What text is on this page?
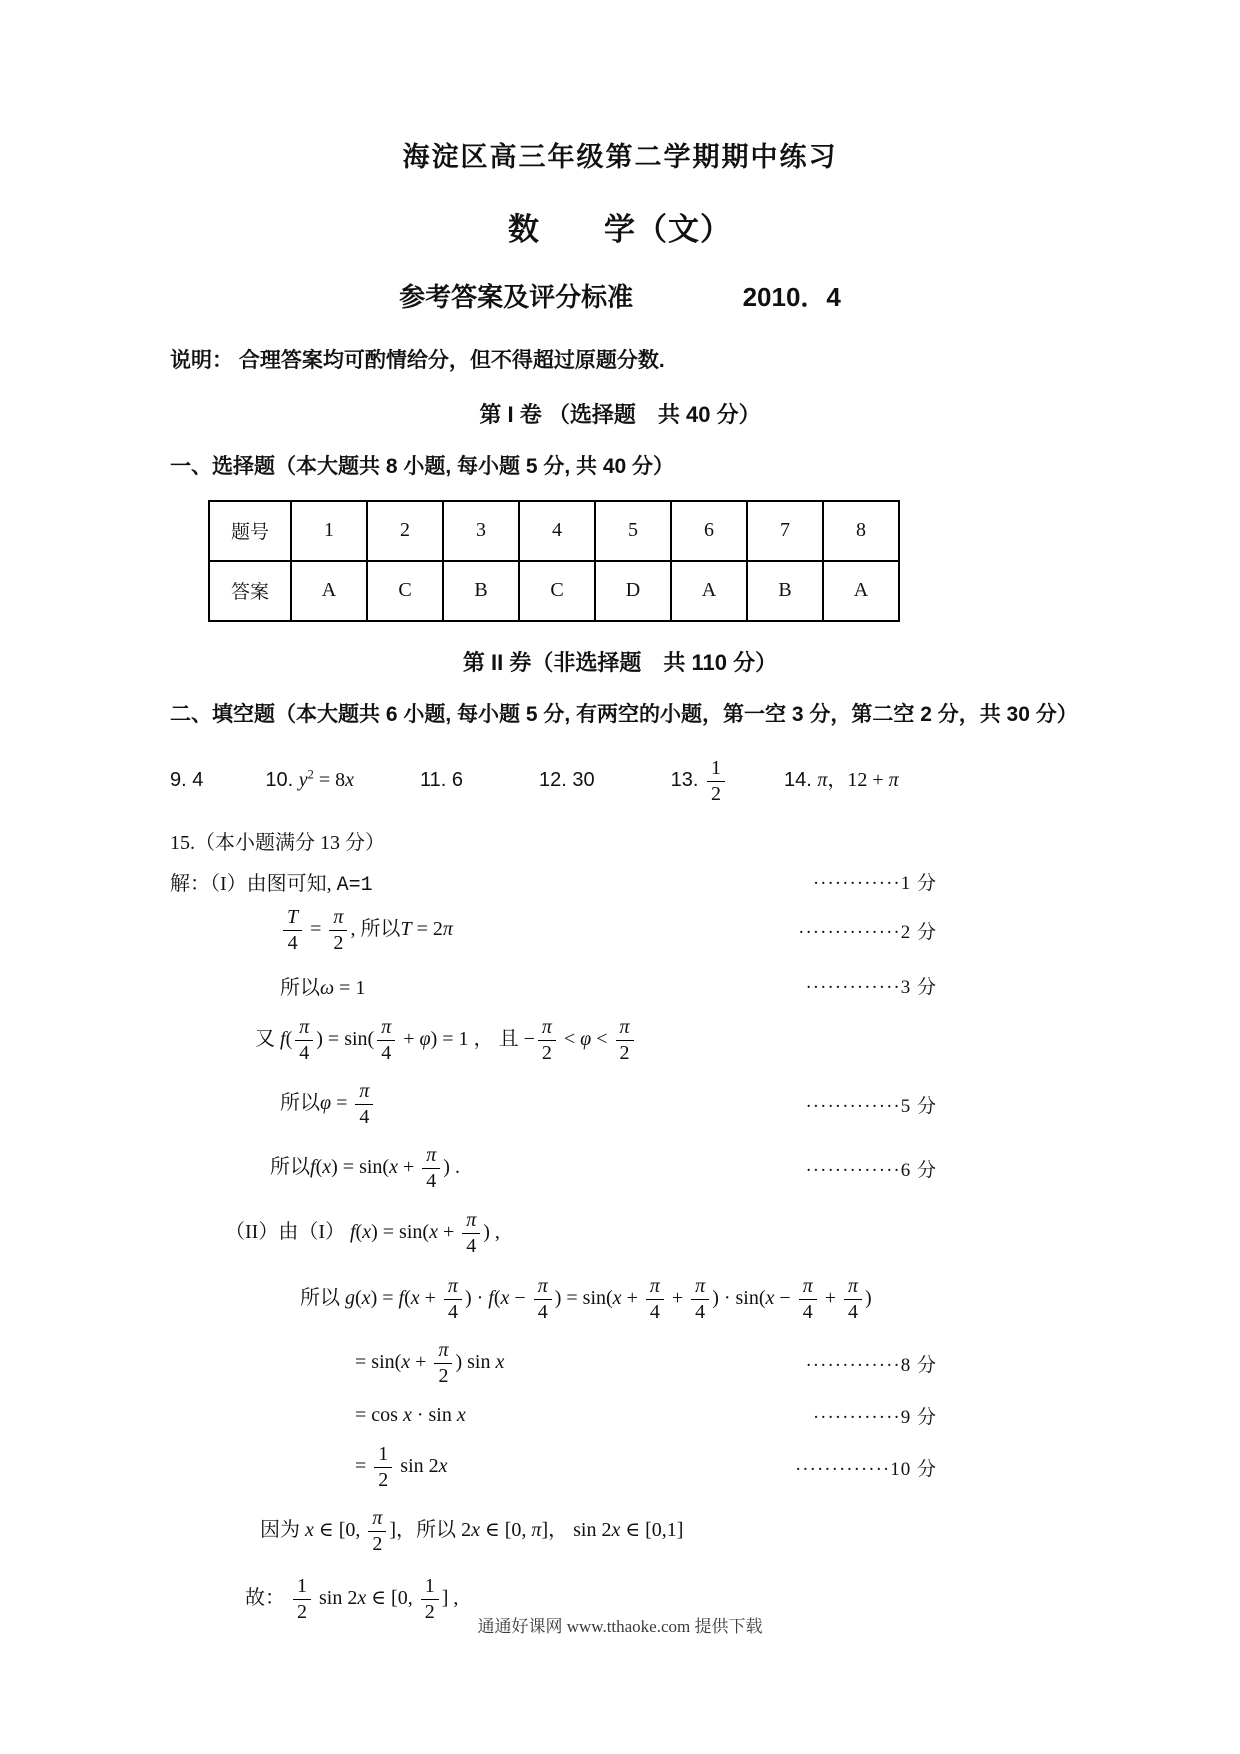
海淀区高三年级第二学期期中练习
数　　学（文）
参考答案及评分标准	2010．4
说明： 合理答案均可酌情给分，但不得超过原题分数.
第 I 卷 （选择题　共 40 分）
一、选择题（本大题共 8 小题, 每小题 5 分, 共 40 分）
题号	1	2	3	4	5	6	7	8
答案	A	C	B	C	D	A	B	A
第 II 券（非选择题　共 110 分）
二、填空题（本大题共 6 小题, 每小题 5 分, 有两空的小题，第一空 3 分，第二空 2 分，共 30 分）
9. 4	10. $y^2 = 8x$	11. 6	12. 30	13. $\frac{1}{2}$	14. π，12 + π
15.（本小题满分 13 分）
解：（I）由图可知, A=1	············1 分
$\frac{T}{4} = \frac{\pi}{2}$ , 所以T = 2π	··············2 分
所以ω = 1	·············3 分
又 $f( \frac{\pi}{4}$ ) = $\sin( \frac{\pi}{4} + \varphi) = 1$ ， 且 − $\frac{\pi}{2} < \varphi < \frac{\pi}{2}$
所以$\varphi = \frac{\pi}{4}$	·············5 分
所以$f(x) = \sin(x + \frac{\pi}{4}$ ) .	·············6 分
（II）由（I） $f(x) = \sin(x + \frac{\pi}{4}$ ) ,
所以 $g(x) = f(x + \frac{\pi}{4}$ ) · $f(x - \frac{\pi}{4}$ ) = $\sin(x + \frac{\pi}{4} + \frac{\pi}{4}$ ) · $\sin(x - \frac{\pi}{4} + \frac{\pi}{4}$ )
= $\sin(x + \frac{\pi}{2}$ ) sin x	·············8 分
= cos x · sin x	············9 分
= $\frac{1}{2}$ sin 2x	·············10 分
因为 x ∈ [0, $\frac{\pi}{2}$ ]，所以 2x ∈ [0, π]， sin 2x ∈ [0,1]
故： $\frac{1}{2}$ sin 2x ∈ [0, $\frac{1}{2}$ ] ,
通通好课网 www.tthaoke.com 提供下载
